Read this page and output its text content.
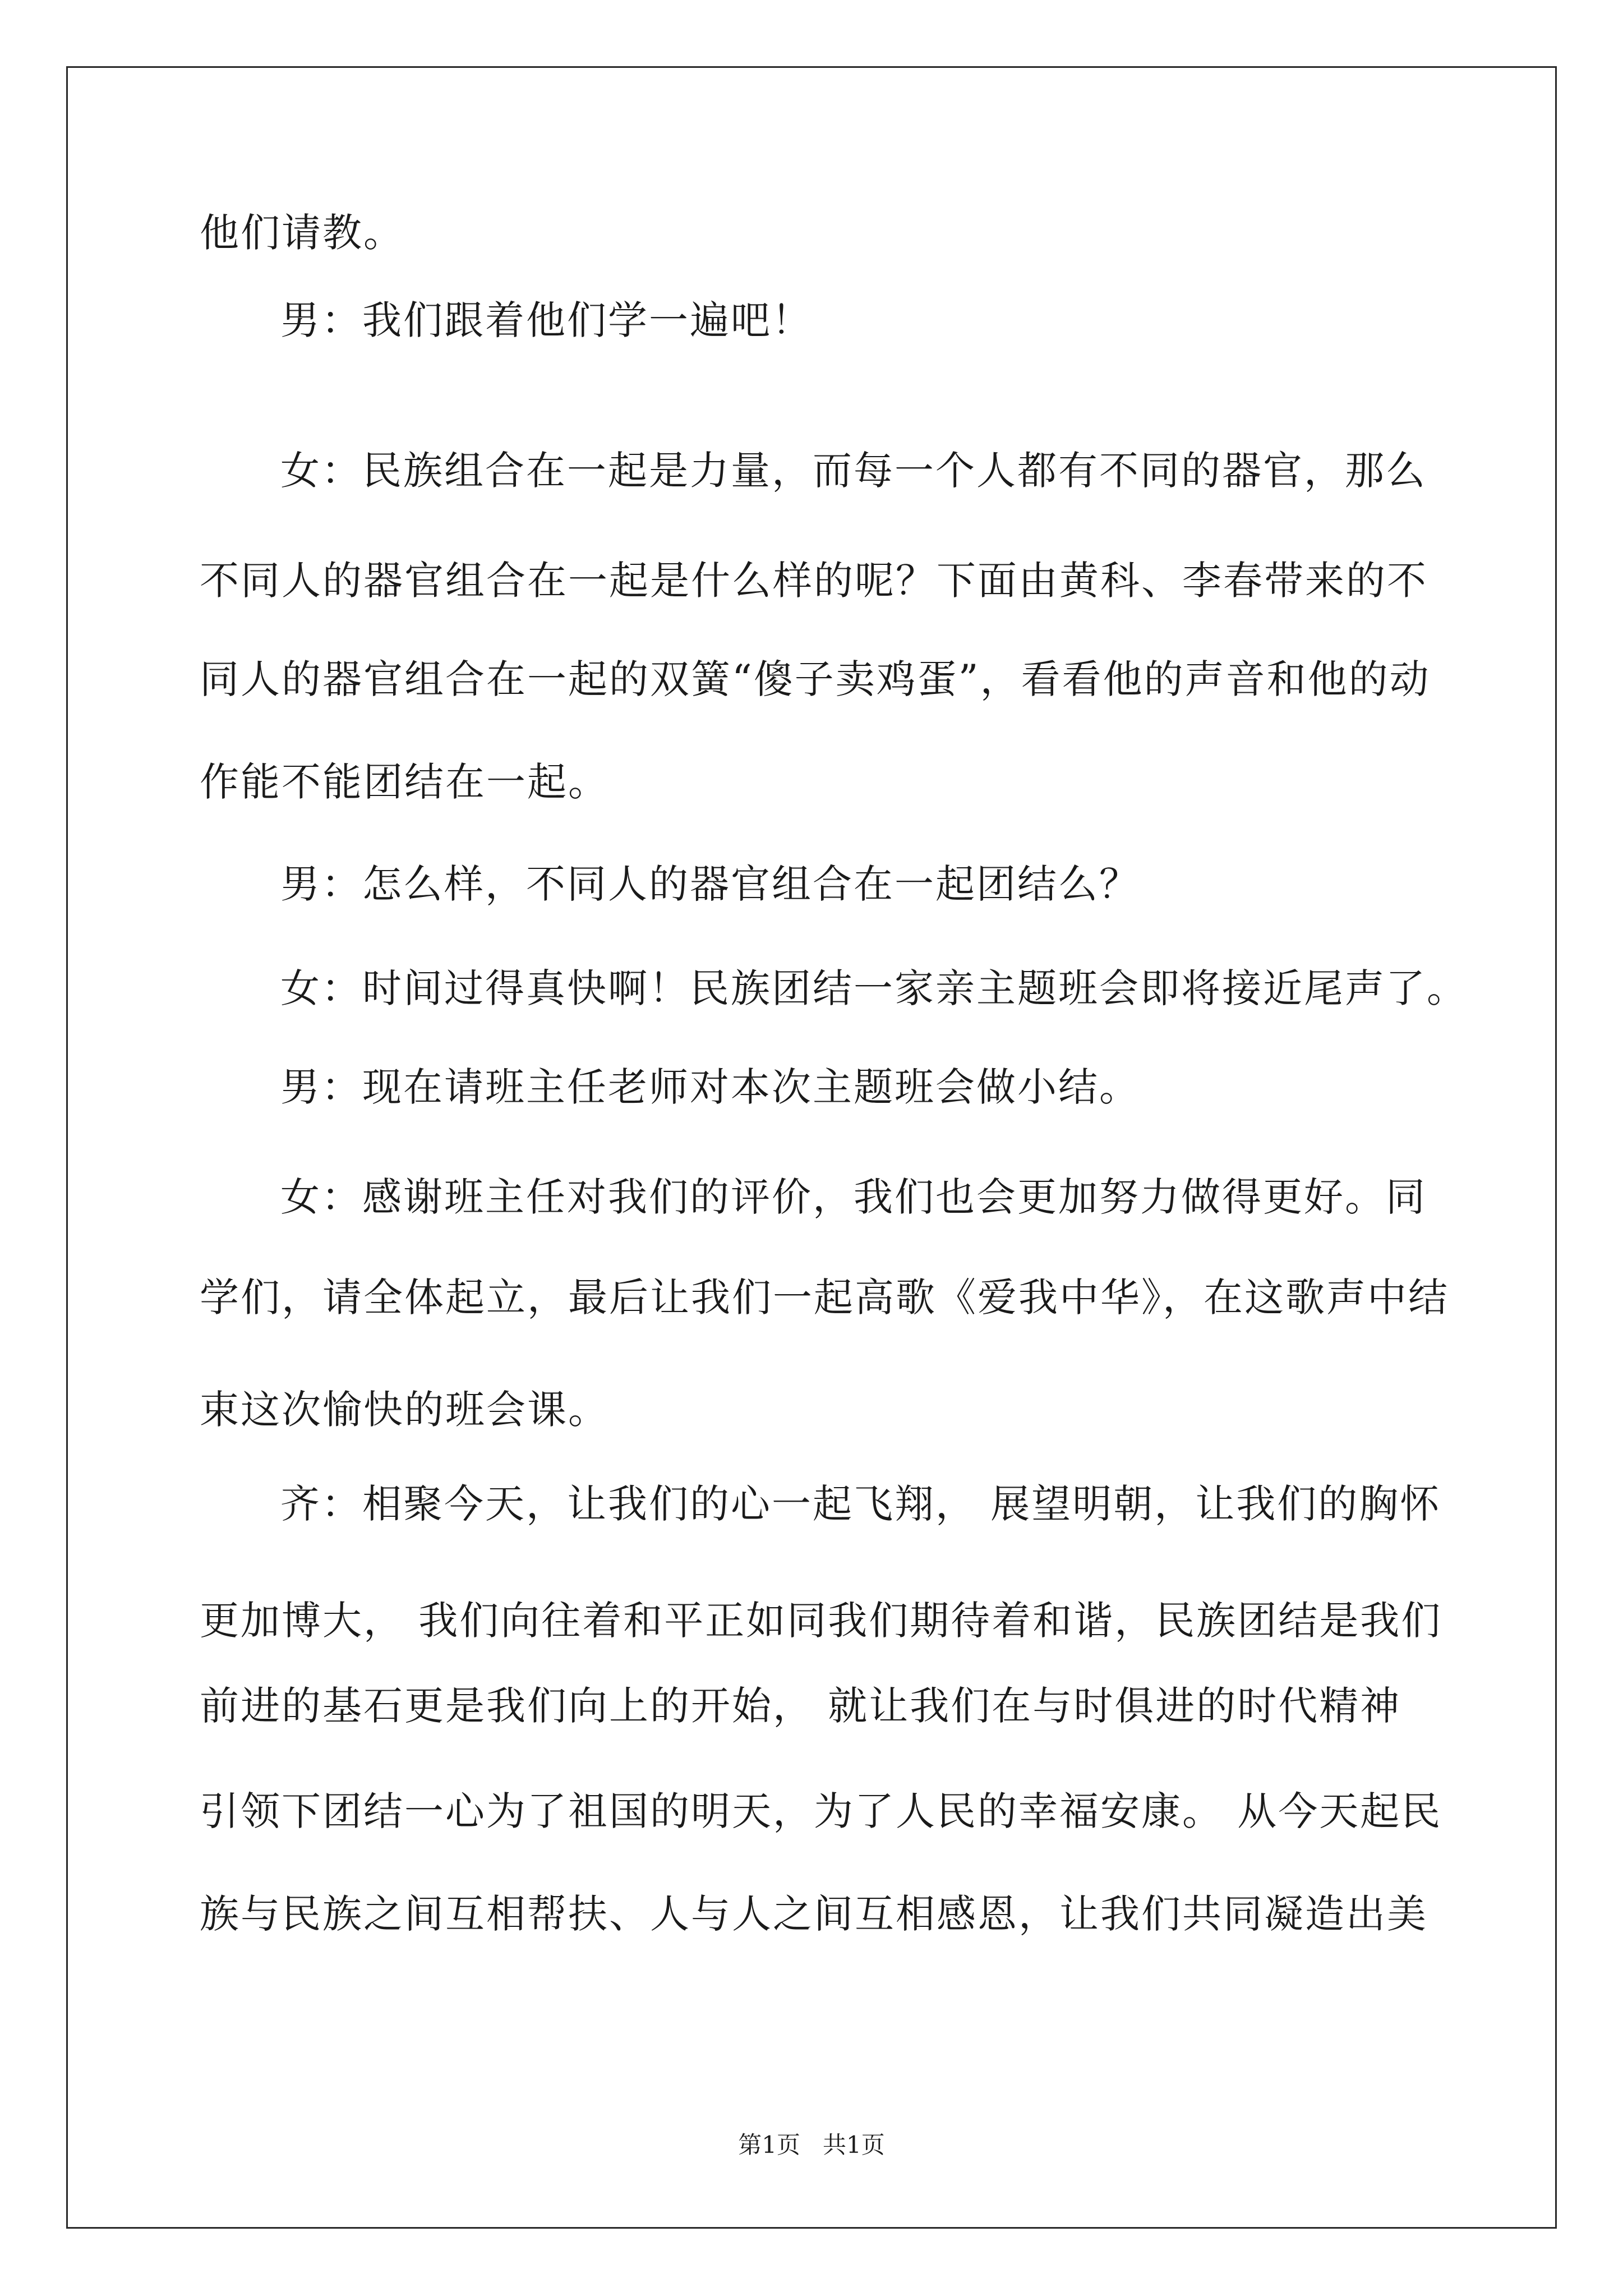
他们请教。
男：我们跟着他们学一遍吧！
女：民族组合在一起是力量，而每一个人都有不同的器官，那么
不同人的器官组合在一起是什么样的呢？下面由黄科、李春带来的不
同人的器官组合在一起的双簧“傻子卖鸡蛋”，看看他的声音和他的动
作能不能团结在一起。
男：怎么样，不同人的器官组合在一起团结么？
女：时间过得真快啊！民族团结一家亲主题班会即将接近尾声了。
男：现在请班主任老师对本次主题班会做小结。
女：感谢班主任对我们的评价，我们也会更加努力做得更好。同
学们，请全体起立，最后让我们一起高歌《爱我中华》，在这歌声中结
束这次愉快的班会课。
齐：相聚今天，让我们的心一起飞翔， 展望明朝，让我们的胸怀
更加博大， 我们向往着和平正如同我们期待着和谐，民族团结是我们
前进的基石更是我们向上的开始， 就让我们在与时俱进的时代精神
引领下团结一心为了祖国的明天，为了人民的幸福安康。 从今天起民
族与民族之间互相帮扶、人与人之间互相感恩，让我们共同凝造出美
第1页   共1页
